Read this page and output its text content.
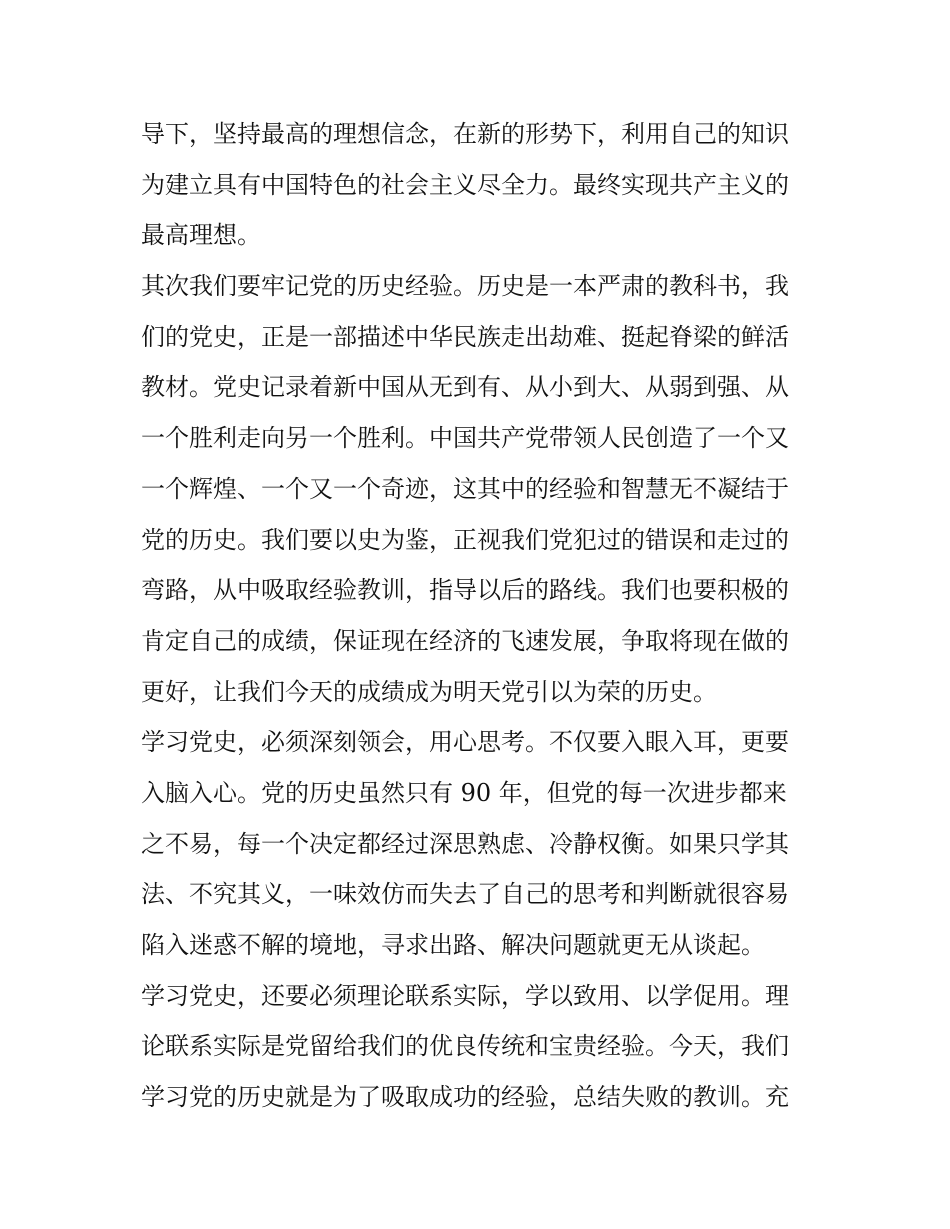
导下，坚持最高的理想信念，在新的形势下，利用自己的知识
为建立具有中国特色的社会主义尽全力。最终实现共产主义的
最高理想。
其次我们要牢记党的历史经验。历史是一本严肃的教科书，我
们的党史，正是一部描述中华民族走出劫难、挺起脊梁的鲜活
教材。党史记录着新中国从无到有、从小到大、从弱到强、从
一个胜利走向另一个胜利。中国共产党带领人民创造了一个又
一个辉煌、一个又一个奇迹，这其中的经验和智慧无不凝结于
党的历史。我们要以史为鉴，正视我们党犯过的错误和走过的
弯路，从中吸取经验教训，指导以后的路线。我们也要积极的
肯定自己的成绩，保证现在经济的飞速发展，争取将现在做的
更好，让我们今天的成绩成为明天党引以为荣的历史。
学习党史，必须深刻领会，用心思考。不仅要入眼入耳，更要
入脑入心。党的历史虽然只有 90 年，但党的每一次进步都来
之不易，每一个决定都经过深思熟虑、冷静权衡。如果只学其
法、不究其义，一味效仿而失去了自己的思考和判断就很容易
陷入迷惑不解的境地，寻求出路、解决问题就更无从谈起。
学习党史，还要必须理论联系实际，学以致用、以学促用。理
论联系实际是党留给我们的优良传统和宝贵经验。今天，我们
学习党的历史就是为了吸取成功的经验，总结失败的教训。充
